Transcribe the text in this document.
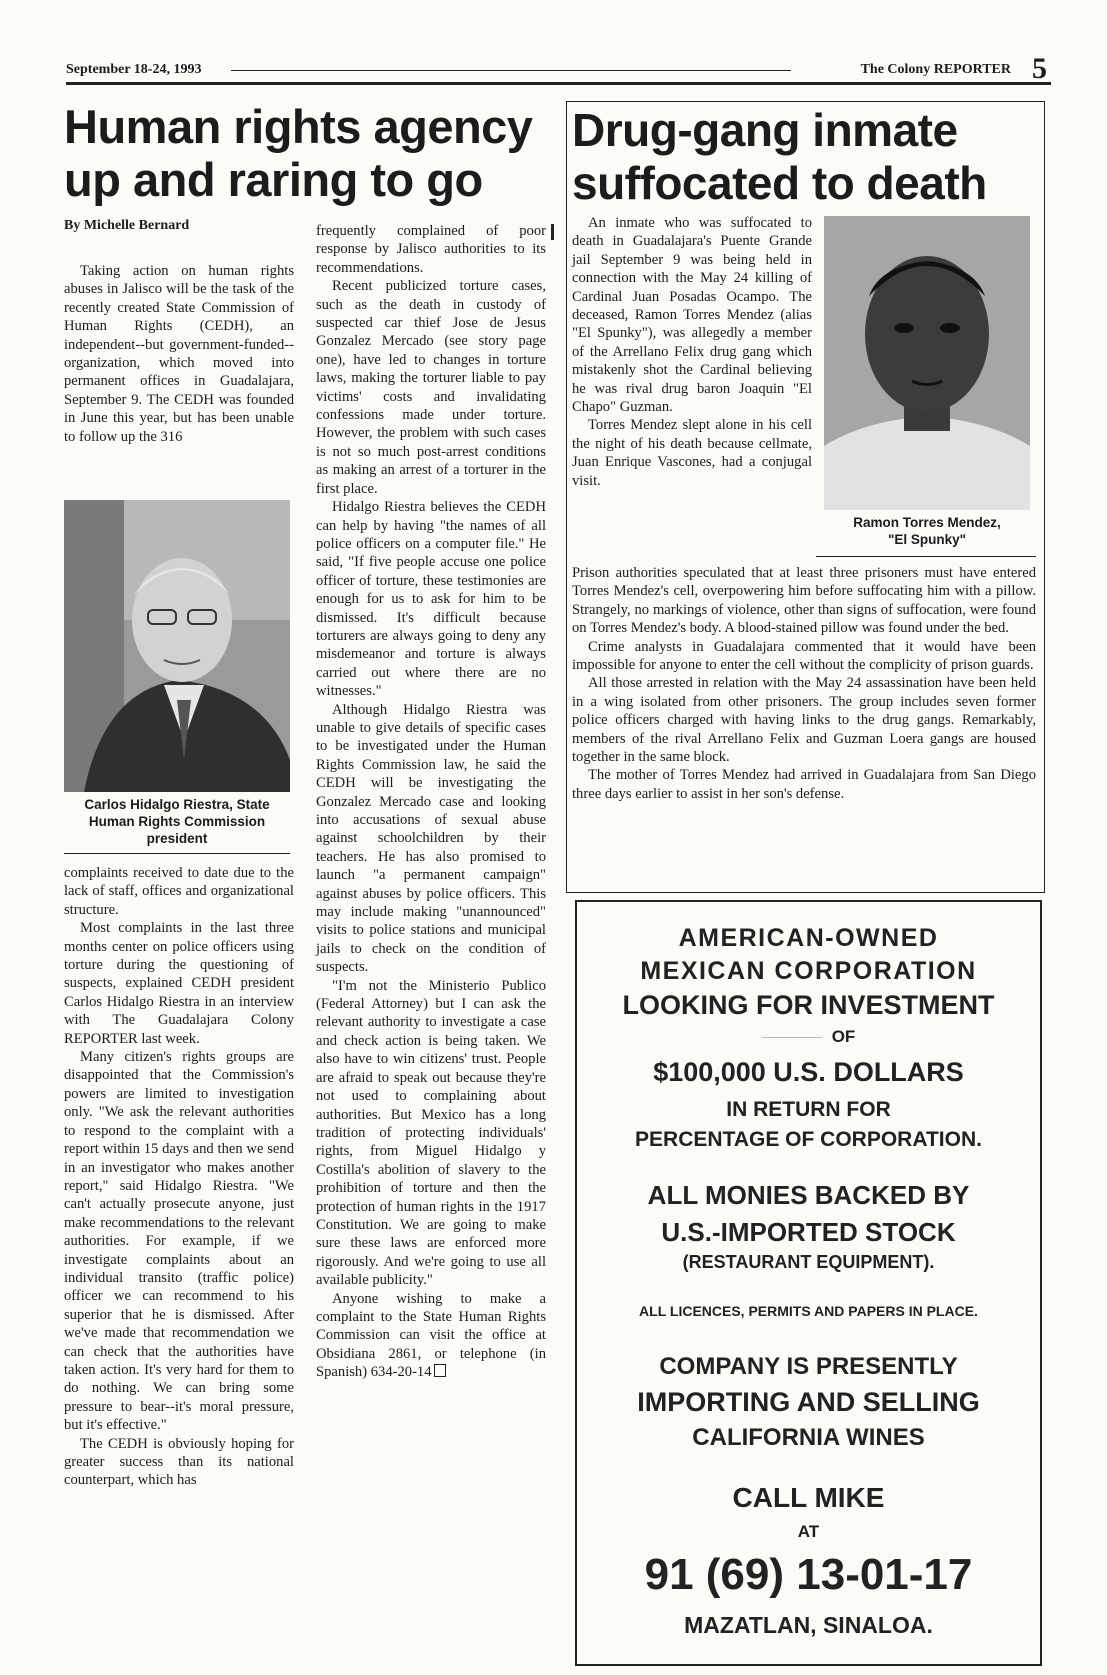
September 18-24, 1993	The Colony REPORTER 5
Human rights agency
up and raring to go
By Michelle Bernard

Taking action on human rights abuses in Jalisco will be the task of the recently created State Commission of Human Rights (CEDH), an independent--but government-funded--organization, which moved into permanent offices in Guadalajara, September 9. The CEDH was founded in June this year, but has been unable to follow up the 316

Carlos Hidalgo Riestra, State Human Rights Commission president

complaints received to date due to the lack of staff, offices and organizational structure.

Most complaints in the last three months center on police officers using torture during the questioning of suspects, explained CEDH president Carlos Hidalgo Riestra in an interview with The Guadalajara Colony REPORTER last week.

Many citizen's rights groups are disappointed that the Commission's powers are limited to investigation only. "We ask the relevant authorities to respond to the complaint with a report within 15 days and then we send in an investigator who makes another report," said Hidalgo Riestra. "We can't actually prosecute anyone, just make recommendations to the relevant authorities. For example, if we investigate complaints about an individual transito (traffic police) officer we can recommend to his superior that he is dismissed. After we've made that recommendation we can check that the authorities have taken action. It's very hard for them to do nothing. We can bring some pressure to bear--it's moral pressure, but it's effective."

The CEDH is obviously hoping for greater success than its national counterpart, which has

frequently complained of poor response by Jalisco authorities to its recommendations.

Recent publicized torture cases, such as the death in custody of suspected car thief Jose de Jesus Gonzalez Mercado (see story page one), have led to changes in torture laws, making the torturer liable to pay victims' costs and invalidating confessions made under torture. However, the problem with such cases is not so much post-arrest conditions as making an arrest of a torturer in the first place.

Hidalgo Riestra believes the CEDH can help by having "the names of all police officers on a computer file." He said, "If five people accuse one police officer of torture, these testimonies are enough for us to ask for him to be dismissed. It's difficult because torturers are always going to deny any misdemeanor and torture is always carried out where there are no witnesses."

Although Hidalgo Riestra was unable to give details of specific cases to be investigated under the Human Rights Commission law, he said the CEDH will be investigating the Gonzalez Mercado case and looking into accusations of sexual abuse against schoolchildren by their teachers. He has also promised to launch "a permanent campaign" against abuses by police officers. This may include making "unannounced" visits to police stations and municipal jails to check on the condition of suspects.

"I'm not the Ministerio Publico (Federal Attorney) but I can ask the relevant authority to investigate a case and check action is being taken. We also have to win citizens' trust. People are afraid to speak out because they're not used to complaining about authorities. But Mexico has a long tradition of protecting individuals' rights, from Miguel Hidalgo y Costilla's abolition of slavery to the prohibition of torture and then the protection of human rights in the 1917 Constitution. We are going to make sure these laws are enforced more rigorously. And we're going to use all available publicity."

Anyone wishing to make a complaint to the State Human Rights Commission can visit the office at Obsidiana 2861, or telephone (in Spanish) 634-20-14

Drug-gang inmate
suffocated to death

An inmate who was suffocated to death in Guadalajara's Puente Grande jail September 9 was being held in connection with the May 24 killing of Cardinal Juan Posadas Ocampo. The deceased, Ramon Torres Mendez (alias "El Spunky"), was allegedly a member of the Arrellano Felix drug gang which mistakenly shot the Cardinal believing he was rival drug baron Joaquin "El Chapo" Guzman.

Torres Mendez slept alone in his cell the night of his death because cellmate, Juan Enrique Vascones, had a conjugal visit.

Ramon Torres Mendez,
"El Spunky"

Prison authorities speculated that at least three prisoners must have entered Torres Mendez's cell, overpowering him before suffocating him with a pillow. Strangely, no markings of violence, other than signs of suffocation, were found on Torres Mendez's body. A blood-stained pillow was found under the bed.

Crime analysts in Guadalajara commented that it would have been impossible for anyone to enter the cell without the complicity of prison guards.

All those arrested in relation with the May 24 assassination have been held in a wing isolated from other prisoners. The group includes seven former police officers charged with having links to the drug gangs. Remarkably, members of the rival Arrellano Felix and Guzman Loera gangs are housed together in the same block.

The mother of Torres Mendez had arrived in Guadalajara from San Diego three days earlier to assist in her son's defense.

AMERICAN-OWNED
MEXICAN CORPORATION
LOOKING FOR INVESTMENT
OF
$100,000 U.S. DOLLARS
IN RETURN FOR
PERCENTAGE OF CORPORATION.
ALL MONIES BACKED BY
U.S.-IMPORTED STOCK
(RESTAURANT EQUIPMENT).
ALL LICENCES, PERMITS AND PAPERS IN PLACE.
COMPANY IS PRESENTLY
IMPORTING AND SELLING
CALIFORNIA WINES
CALL MIKE
AT
91 (69) 13-01-17
MAZATLAN, SINALOA.
